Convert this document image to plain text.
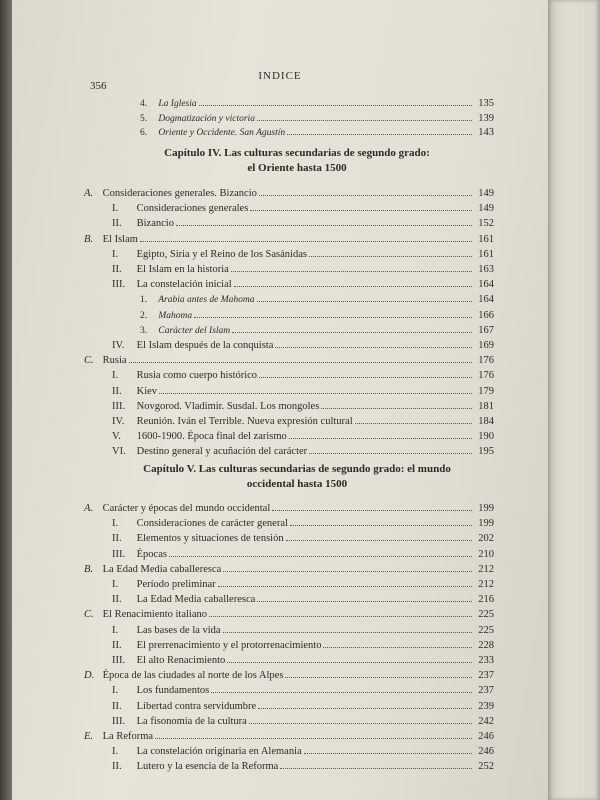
INDICE
356
Capítulo IV. Las culturas secundarias de segundo grado:
el Oriente hasta 1500
Capítulo V. Las culturas secundarias de segundo grado: el mundo
occidental hasta 1500
4. La Iglesia	135
5. Dogmatización y victoria	139
6. Oriente y Occidente. San Agustín	143
A. Consideraciones generales. Bizancio	149
I. Consideraciones generales	149
II. Bizancio	152
B. El Islam	161
I. Egipto, Siria y el Reino de los Sasánidas	161
II. El Islam en la historia	163
III. La constelación inicial	164
1. Arabia antes de Mahoma	164
2. Mahoma	166
3. Carácter del Islam	167
IV. El Islam después de la conquista	169
C. Rusia	176
I. Rusia como cuerpo histórico	176
II. Kiev	179
III. Novgorod. Vladimir. Susdal. Los mongoles	181
IV. Reunión. Iván el Terrible. Nueva expresión cultural	184
V. 1600-1900. Época final del zarismo	190
VI. Destino general y acuñación del carácter	195
A. Carácter y épocas del mundo occidental	199
I. Consideraciones de carácter general	199
II. Elementos y situaciones de tensión	202
III. Épocas	210
B. La Edad Media caballeresca	212
I. Período preliminar	212
II. La Edad Media caballeresca	216
C. El Renacimiento italiano	225
I. Las bases de la vida	225
II. El prerrenacimiento y el protorrenacimiento	228
III. El alto Renacimiento	233
D. Época de las ciudades al norte de los Alpes	237
I. Los fundamentos	237
II. Libertad contra servidumbre	239
III. La fisonomía de la cultura	242
E. La Reforma	246
I. La constelación originaria en Alemania	246
II. Lutero y la esencia de la Reforma	252
